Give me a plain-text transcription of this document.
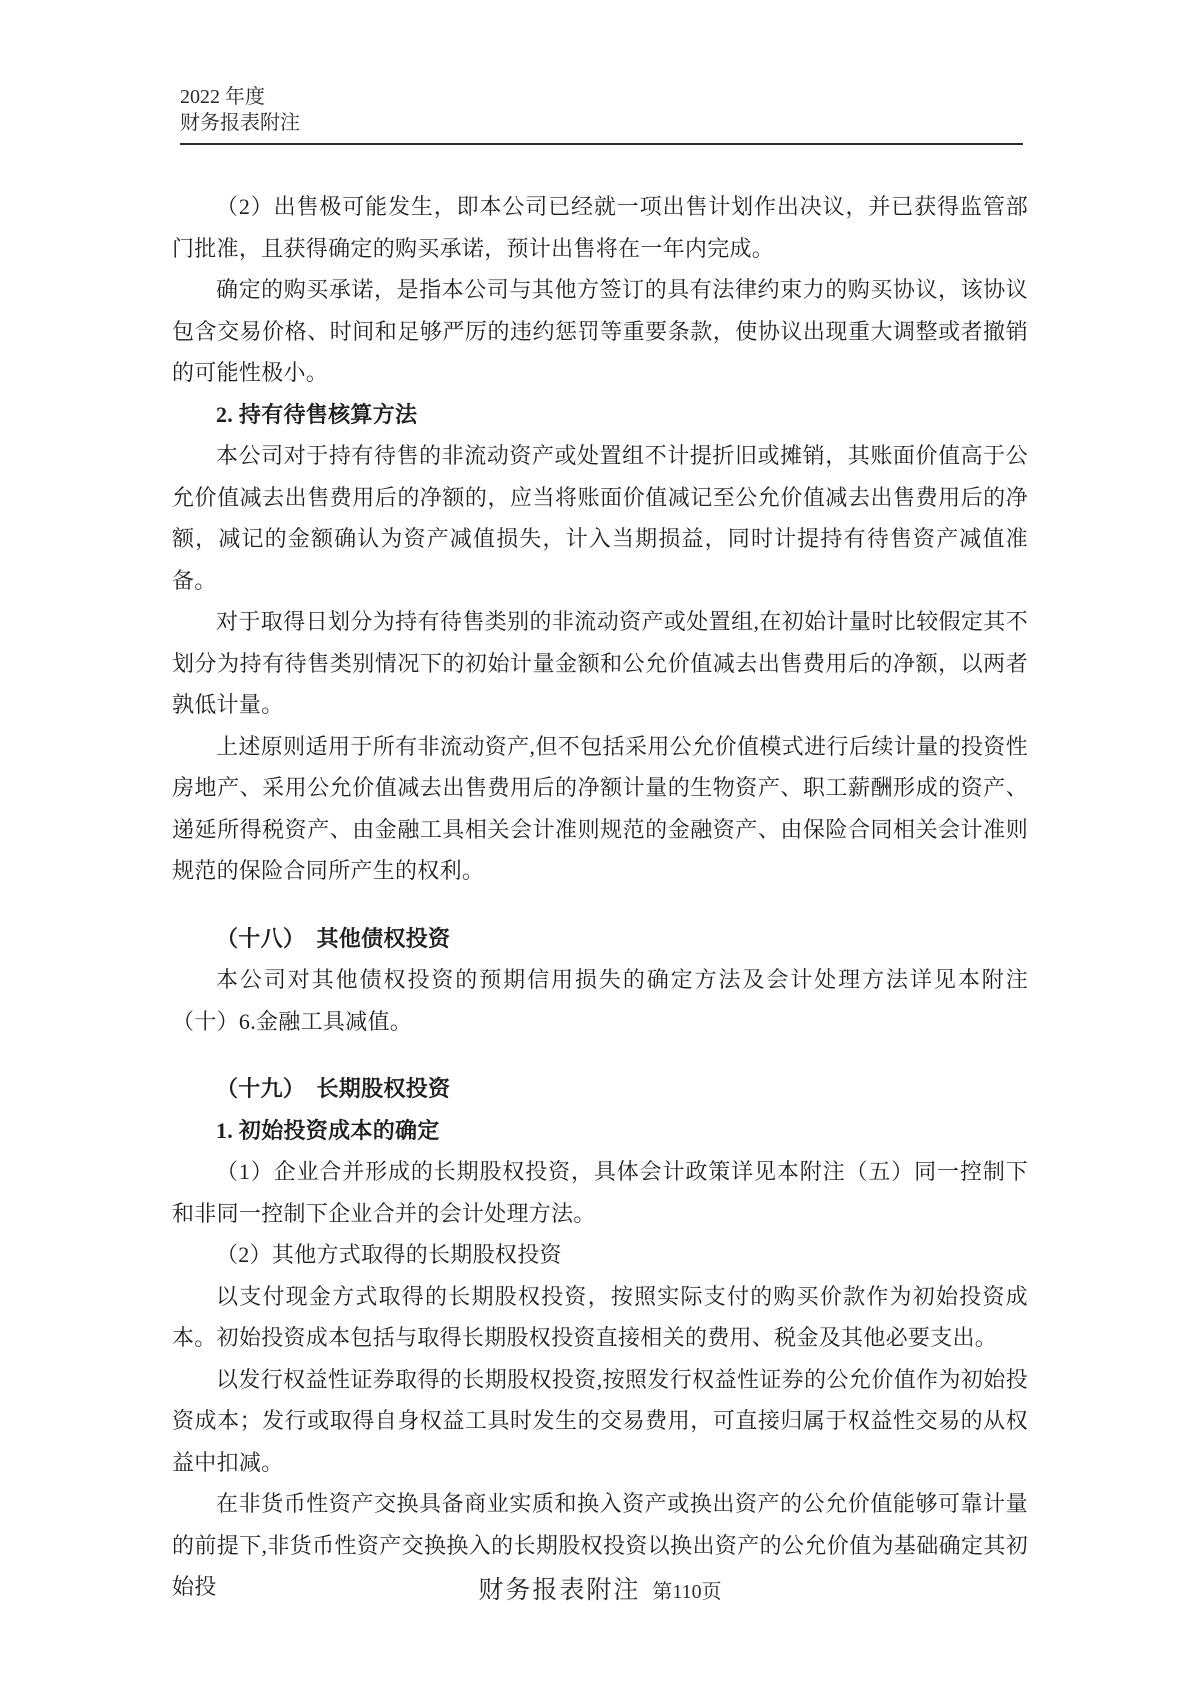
2022 年度
财务报表附注

（2）出售极可能发生，即本公司已经就一项出售计划作出决议，并已获得监管部门批准，且获得确定的购买承诺，预计出售将在一年内完成。

确定的购买承诺，是指本公司与其他方签订的具有法律约束力的购买协议，该协议包含交易价格、时间和足够严厉的违约惩罚等重要条款，使协议出现重大调整或者撤销的可能性极小。

2. 持有待售核算方法

本公司对于持有待售的非流动资产或处置组不计提折旧或摊销，其账面价值高于公允价值减去出售费用后的净额的，应当将账面价值减记至公允价值减去出售费用后的净额，减记的金额确认为资产减值损失，计入当期损益，同时计提持有待售资产减值准备。

对于取得日划分为持有待售类别的非流动资产或处置组,在初始计量时比较假定其不划分为持有待售类别情况下的初始计量金额和公允价值减去出售费用后的净额，以两者孰低计量。

上述原则适用于所有非流动资产,但不包括采用公允价值模式进行后续计量的投资性房地产、采用公允价值减去出售费用后的净额计量的生物资产、职工薪酬形成的资产、递延所得税资产、由金融工具相关会计准则规范的金融资产、由保险合同相关会计准则规范的保险合同所产生的权利。

（十八）　其他债权投资

本公司对其他债权投资的预期信用损失的确定方法及会计处理方法详见本附注（十）6.金融工具减值。

（十九）　长期股权投资

1. 初始投资成本的确定

（1）企业合并形成的长期股权投资，具体会计政策详见本附注（五）同一控制下和非同一控制下企业合并的会计处理方法。

（2）其他方式取得的长期股权投资

以支付现金方式取得的长期股权投资，按照实际支付的购买价款作为初始投资成本。初始投资成本包括与取得长期股权投资直接相关的费用、税金及其他必要支出。

以发行权益性证券取得的长期股权投资,按照发行权益性证券的公允价值作为初始投资成本；发行或取得自身权益工具时发生的交易费用，可直接归属于权益性交易的从权益中扣减。

在非货币性资产交换具备商业实质和换入资产或换出资产的公允价值能够可靠计量的前提下,非货币性资产交换换入的长期股权投资以换出资产的公允价值为基础确定其初始投	财务报表附注 第110页
